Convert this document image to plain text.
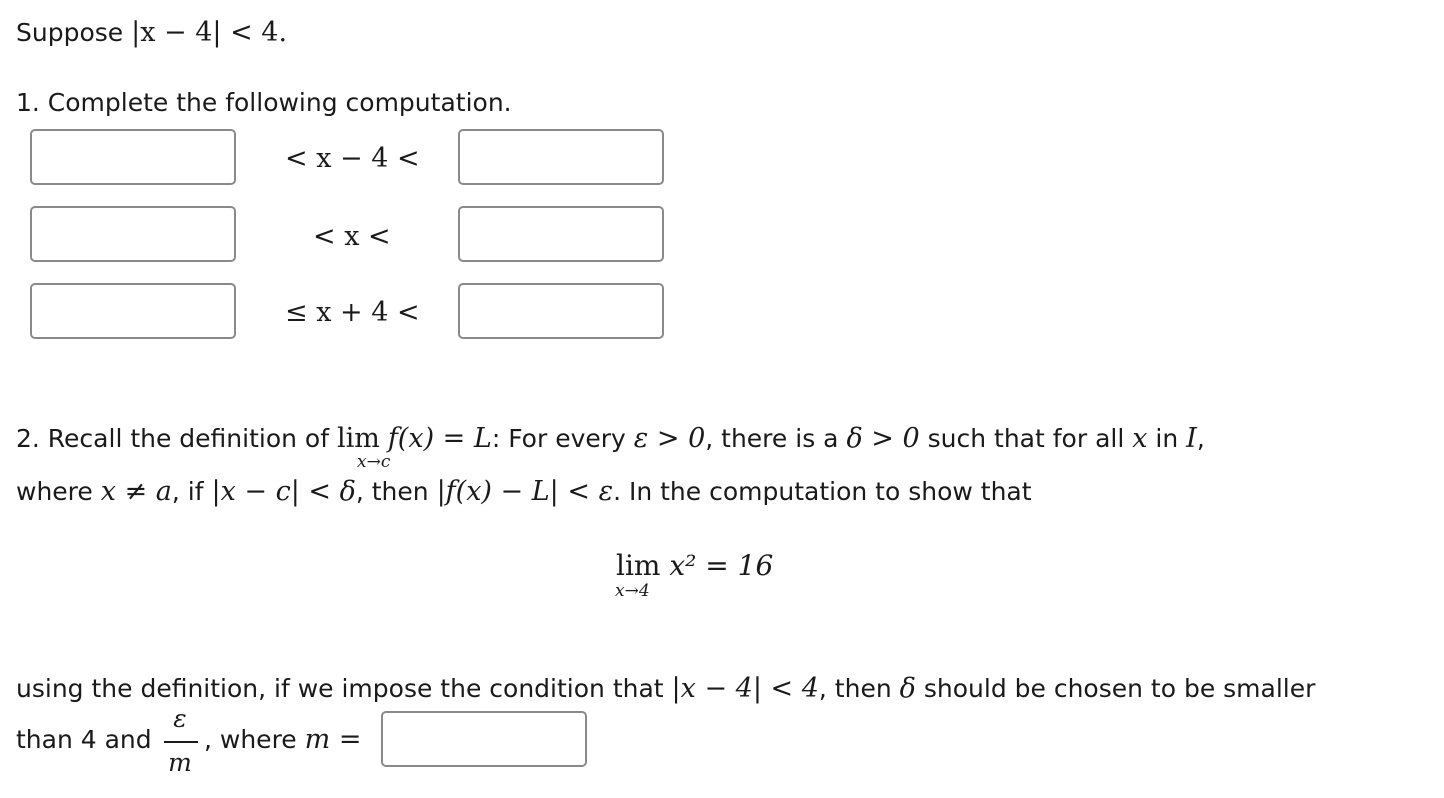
Suppose |x − 4| < 4.
1. Complete the following computation.
< x − 4 <
< x <
≤ x + 4 <
2. Recall the definition of lim f(x) = L: For every ε > 0, there is a δ > 0 such that for all x in I,
x→c
where x ≠ a, if |x − c| < δ, then |f(x) − L| < ε. In the computation to show that
lim x² = 16
x→4
using the definition, if we impose the condition that |x − 4| < 4, then δ should be chosen to be smaller
than 4 and
ε
m
, where m =
